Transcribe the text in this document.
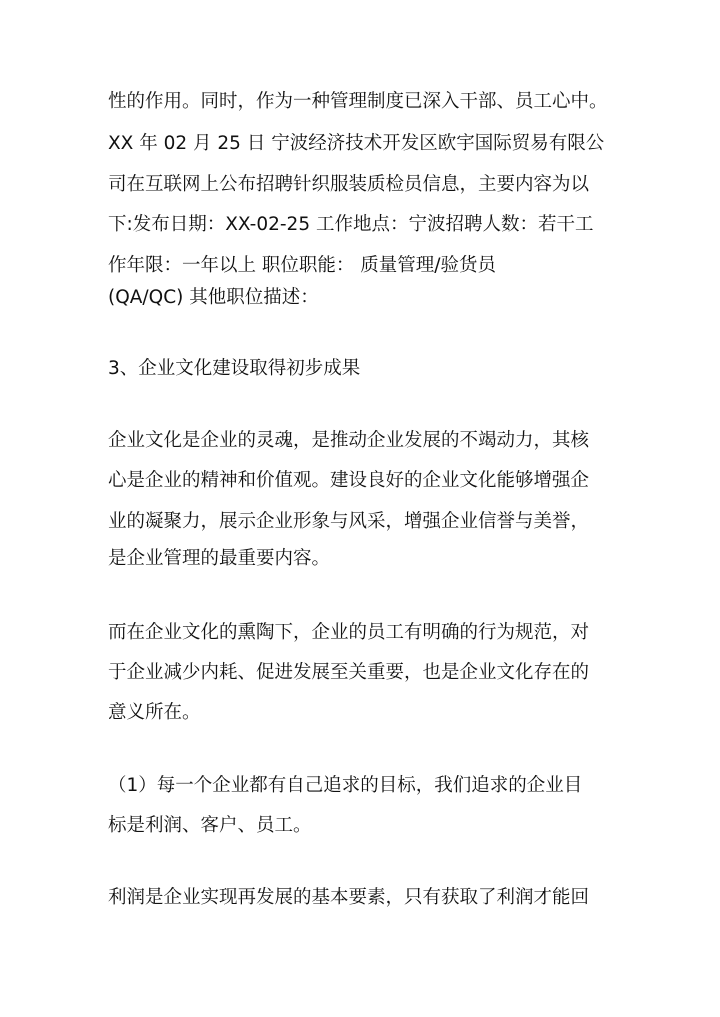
性的作用。同时，作为一种管理制度已深入干部、员工心中。
XX 年 02 月 25 日 宁波经济技术开发区欧宇国际贸易有限公
司在互联网上公布招聘针织服装质检员信息，主要内容为以
下:发布日期：XX-02-25 工作地点：宁波招聘人数：若干工
作年限：一年以上 职位职能： 质量管理/验货员
(QA/QC) 其他职位描述：
3、企业文化建设取得初步成果
企业文化是企业的灵魂，是推动企业发展的不竭动力，其核
心是企业的精神和价值观。建设良好的企业文化能够增强企
业的凝聚力，展示企业形象与风采，增强企业信誉与美誉，
是企业管理的最重要内容。
而在企业文化的熏陶下，企业的员工有明确的行为规范，对
于企业减少内耗、促进发展至关重要，也是企业文化存在的
意义所在。
（1）每一个企业都有自己追求的目标，我们追求的企业目
标是利润、客户、员工。
利润是企业实现再发展的基本要素，只有获取了利润才能回
